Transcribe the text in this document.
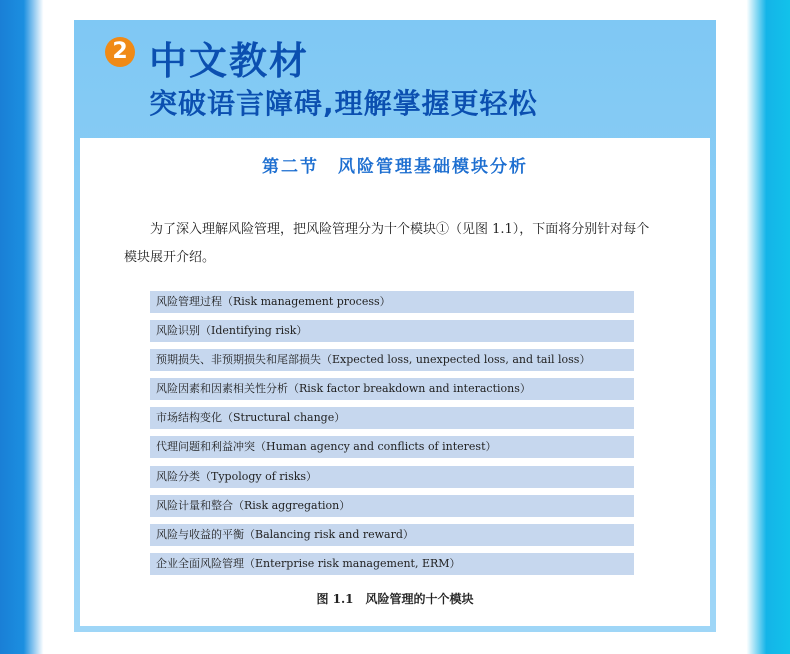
2 中文教材
突破语言障碍,理解掌握更轻松
第二节　风险管理基础模块分析

为了深入理解风险管理，把风险管理分为十个模块①（见图 1.1），下面将分别针对每个模块展开介绍。

风险管理过程（Risk management process）
风险识别（Identifying risk）
预期损失、非预期损失和尾部损失（Expected loss, unexpected loss, and tail loss）
风险因素和因素相关性分析（Risk factor breakdown and interactions）
市场结构变化（Structural change）
代理问题和利益冲突（Human agency and conflicts of interest）
风险分类（Typology of risks）
风险计量和整合（Risk aggregation）
风险与收益的平衡（Balancing risk and reward）
企业全面风险管理（Enterprise risk management, ERM）
图 1.1　风险管理的十个模块
